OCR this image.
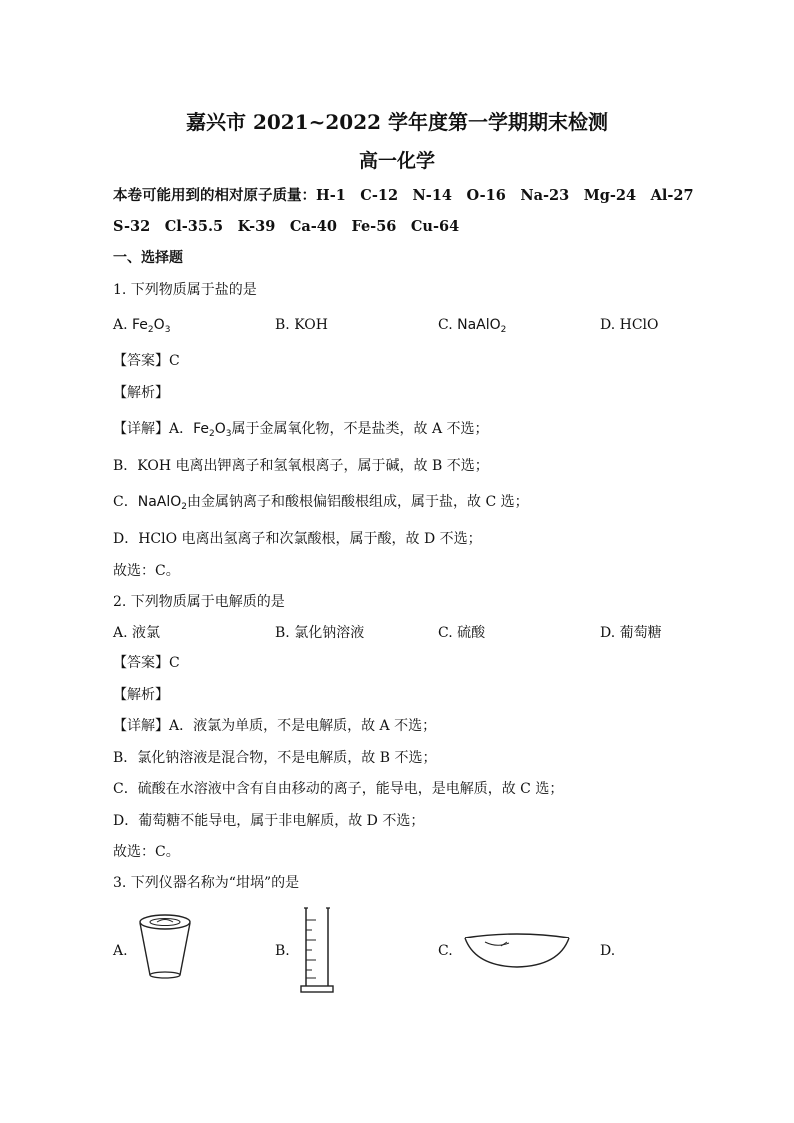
嘉兴市 2021~2022 学年度第一学期期末检测
高一化学
本卷可能用到的相对原子质量：H-1　C-12　N-14　O-16　Na-23　Mg-24　Al-27
S-32　Cl-35.5　K-39　Ca-40　Fe-56　Cu-64
一、选择题
1. 下列物质属于盐的是
A. $Fe_2O_3$	B. KOH	C. NaAlO$_2$	D. HClO
【答案】C
【解析】
【详解】A．$Fe_2O_3$属于金属氧化物，不是盐类，故 A 不选；
B．KOH 电离出钾离子和氢氧根离子，属于碱，故 B 不选；
C．NaAlO$_2$由金属钠离子和酸根偏铝酸根组成，属于盐，故 C 选；
D．HClO 电离出氢离子和次氯酸根，属于酸，故 D 不选；
故选：C。
2. 下列物质属于电解质的是
A. 液氯	B. 氯化钠溶液	C. 硫酸	D. 葡萄糖
【答案】C
【解析】
【详解】A．液氯为单质，不是电解质，故 A 不选；
B．氯化钠溶液是混合物，不是电解质，故 B 不选；
C．硫酸在水溶液中含有自由移动的离子，能导电，是电解质，故 C 选；
D．葡萄糖不能导电，属于非电解质，故 D 不选；
故选：C。
3. 下列仪器名称为“坩埚”的是
A.	B.	C.	D.
